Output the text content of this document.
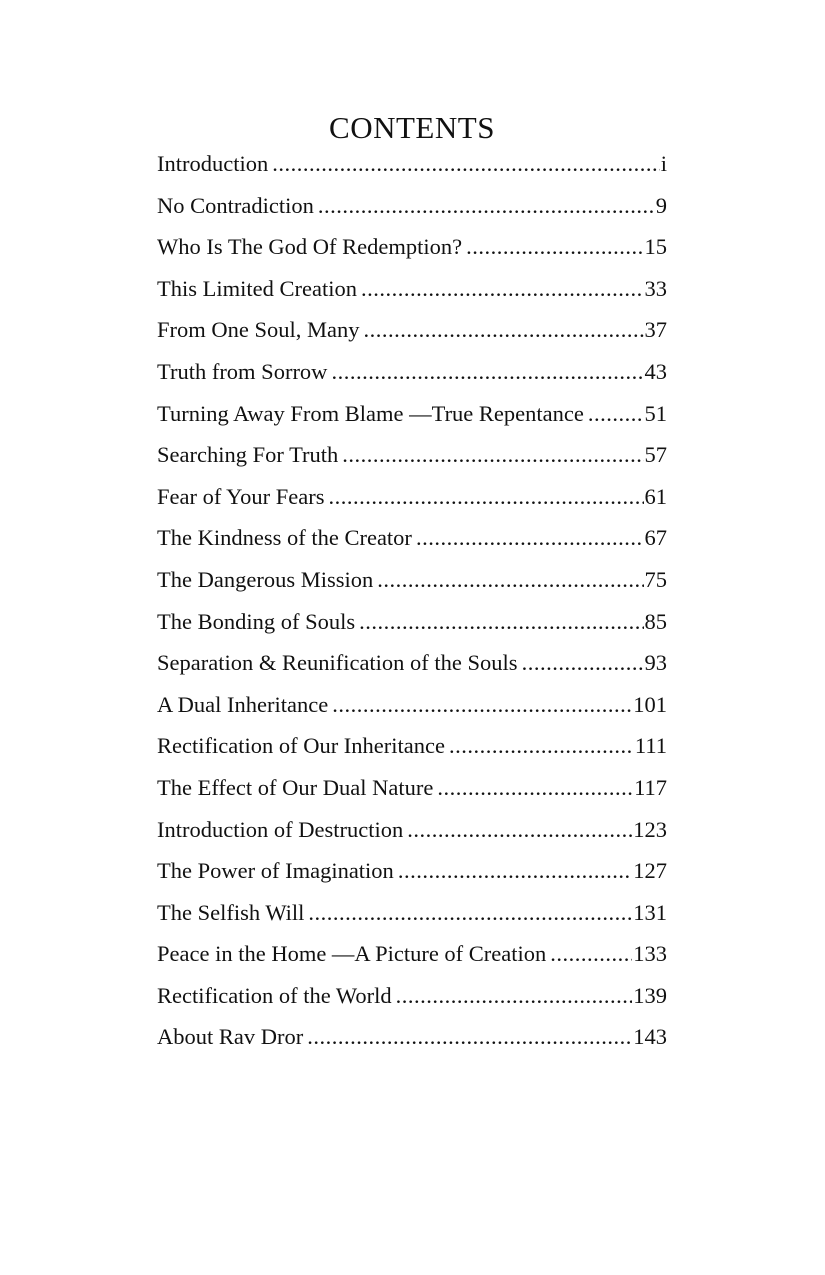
CONTENTS
Introduction .....	i
No Contradiction .....	9
Who Is The God Of Redemption? .....	15
This Limited Creation .....	33
From One Soul, Many .....	37
Truth from Sorrow .....	43
Turning Away From Blame —True Repentance .....	51
Searching For Truth .....	57
Fear of Your Fears .....	61
The Kindness of the Creator .....	67
The Dangerous Mission .....	75
The Bonding of Souls .....	85
Separation & Reunification of the Souls .....	93
A Dual Inheritance .....	101
Rectification of Our Inheritance .....	111
The Effect of Our Dual Nature .....	117
Introduction of Destruction .....	123
The Power of Imagination .....	127
The Selfish Will .....	131
Peace in the Home —A Picture of Creation .....	133
Rectification of the World .....	139
About Rav Dror .....	143
